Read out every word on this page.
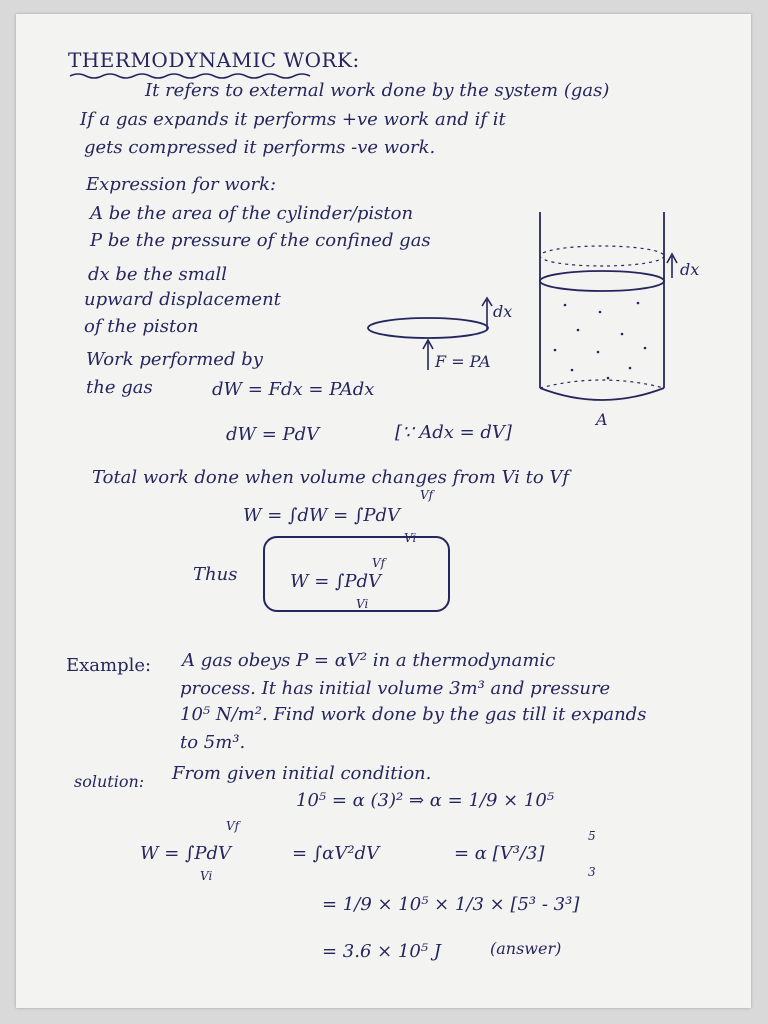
THERMODYNAMIC WORK:
It refers to external work done by the system (gas)
If a gas expands it performs +ve work and if it
gets compressed it performs -ve work.
Expression for work:
A be the area of the cylinder/piston
P be the pressure of the confined gas
dx be the small
upward displacement
of the piston
Work performed by
the gas	dW = Fdx = PAdx
dW = PdV	[∵ Adx = dV]
dx
F = PA
dx
A
Total work done when volume changes from Vi to Vf
W = ∫dW = ∫PdV
Vf
Vi
Thus	W = ∫PdV
Vf
Vi
Example: A gas obeys P = αV² in a thermodynamic
process. It has initial volume 3m³ and pressure
10⁵ N/m². Find work done by the gas till it expands
to 5m³.
solution: From given initial condition.
10⁵ = α (3)² ⇒ α = 1/9 × 10⁵
W = ∫PdV
Vf
Vi
= ∫αV²dV	= α [V³/3]
5
3
= 1/9 × 10⁵ × 1/3 × [5³ - 3³]
= 3.6 × 10⁵ J	(answer)
